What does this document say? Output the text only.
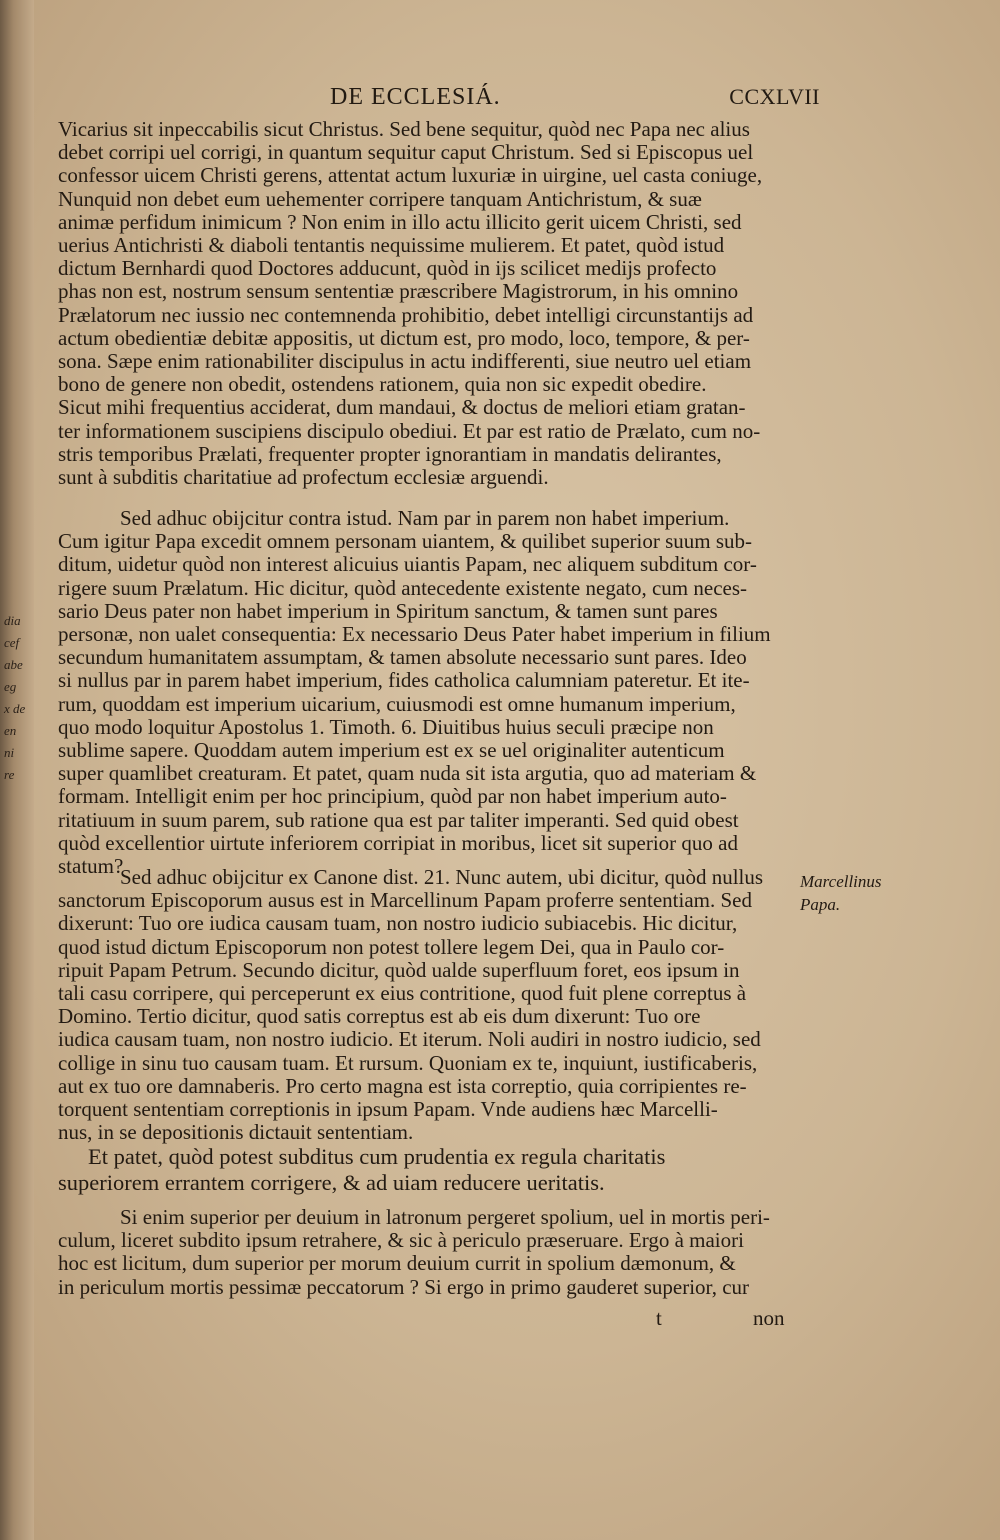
dia
cef
abe
eg
x de
en
ni
re
DE ECCLESIÁ.	CCXLVII
Vicarius sit inpeccabilis sicut Christus. Sed bene sequitur, quòd nec Papa nec alius
debet corripi uel corrigi, in quantum sequitur caput Christum. Sed si Episcopus uel
confessor uicem Christi gerens, attentat actum luxuriæ in uirgine, uel casta coniuge,
Nunquid non debet eum uehementer corripere tanquam Antichristum, & suæ
animæ perfidum inimicum ? Non enim in illo actu illicito gerit uicem Christi, sed
uerius Antichristi & diaboli tentantis nequissime mulierem. Et patet, quòd istud
dictum Bernhardi quod Doctores adducunt, quòd in ijs scilicet medijs profecto
phas non est, nostrum sensum sententiæ præscribere Magistrorum, in his omnino
Prælatorum nec iussio nec contemnenda prohibitio, debet intelligi circunstantijs ad
actum obedientiæ debitæ appositis, ut dictum est, pro modo, loco, tempore, & per-
sona. Sæpe enim rationabiliter discipulus in actu indifferenti, siue neutro uel etiam
bono de genere non obedit, ostendens rationem, quia non sic expedit obedire.
Sicut mihi frequentius acciderat, dum mandaui, & doctus de meliori etiam gratan-
ter informationem suscipiens discipulo obediui. Et par est ratio de Prælato, cum no-
stris temporibus Prælati, frequenter propter ignorantiam in mandatis delirantes,
sunt à subditis charitatiue ad profectum ecclesiæ arguendi.
Sed adhuc obijcitur contra istud. Nam par in parem non habet imperium.
Cum igitur Papa excedit omnem personam uiantem, & quilibet superior suum sub-
ditum, uidetur quòd non interest alicuius uiantis Papam, nec aliquem subditum cor-
rigere suum Prælatum. Hic dicitur, quòd antecedente existente negato, cum neces-
sario Deus pater non habet imperium in Spiritum sanctum, & tamen sunt pares
personæ, non ualet consequentia: Ex necessario Deus Pater habet imperium in filium
secundum humanitatem assumptam, & tamen absolute necessario sunt pares. Ideo
si nullus par in parem habet imperium, fides catholica calumniam pateretur. Et ite-
rum, quoddam est imperium uicarium, cuiusmodi est omne humanum imperium,
quo modo loquitur Apostolus 1. Timoth. 6. Diuitibus huius seculi præcipe non
sublime sapere. Quoddam autem imperium est ex se uel originaliter autenticum
super quamlibet creaturam. Et patet, quam nuda sit ista argutia, quo ad materiam &
formam. Intelligit enim per hoc principium, quòd par non habet imperium auto-
ritatiuum in suum parem, sub ratione qua est par taliter imperanti. Sed quid obest
quòd excellentior uirtute inferiorem corripiat in moribus, licet sit superior quo ad
statum?
Sed adhuc obijcitur ex Canone dist. 21. Nunc autem, ubi dicitur, quòd nullus
sanctorum Episcoporum ausus est in Marcellinum Papam proferre sententiam. Sed
dixerunt: Tuo ore iudica causam tuam, non nostro iudicio subiacebis. Hic dicitur,
quod istud dictum Episcoporum non potest tollere legem Dei, qua in Paulo cor-
ripuit Papam Petrum. Secundo dicitur, quòd ualde superfluum foret, eos ipsum in
tali casu corripere, qui perceperunt ex eius contritione, quod fuit plene correptus à
Domino. Tertio dicitur, quod satis correptus est ab eis dum dixerunt: Tuo ore
iudica causam tuam, non nostro iudicio. Et iterum. Noli audiri in nostro iudicio, sed
collige in sinu tuo causam tuam. Et rursum. Quoniam ex te, inquiunt, iustificaberis,
aut ex tuo ore damnaberis. Pro certo magna est ista correptio, quia corripientes re-
torquent sententiam correptionis in ipsum Papam. Vnde audiens hæc Marcelli-
nus, in se depositionis dictauit sententiam.
Marcellinus
Papa.
Et patet, quòd potest subditus cum prudentia ex regula charitatis
superiorem errantem corrigere, & ad uiam reducere ueritatis.
Si enim superior per deuium in latronum pergeret spolium, uel in mortis peri-
culum, liceret subdito ipsum retrahere, & sic à periculo præseruare. Ergo à maiori
hoc est licitum, dum superior per morum deuium currit in spolium dæmonum, &
in periculum mortis pessimæ peccatorum ? Si ergo in primo gauderet superior, cur
t	non
